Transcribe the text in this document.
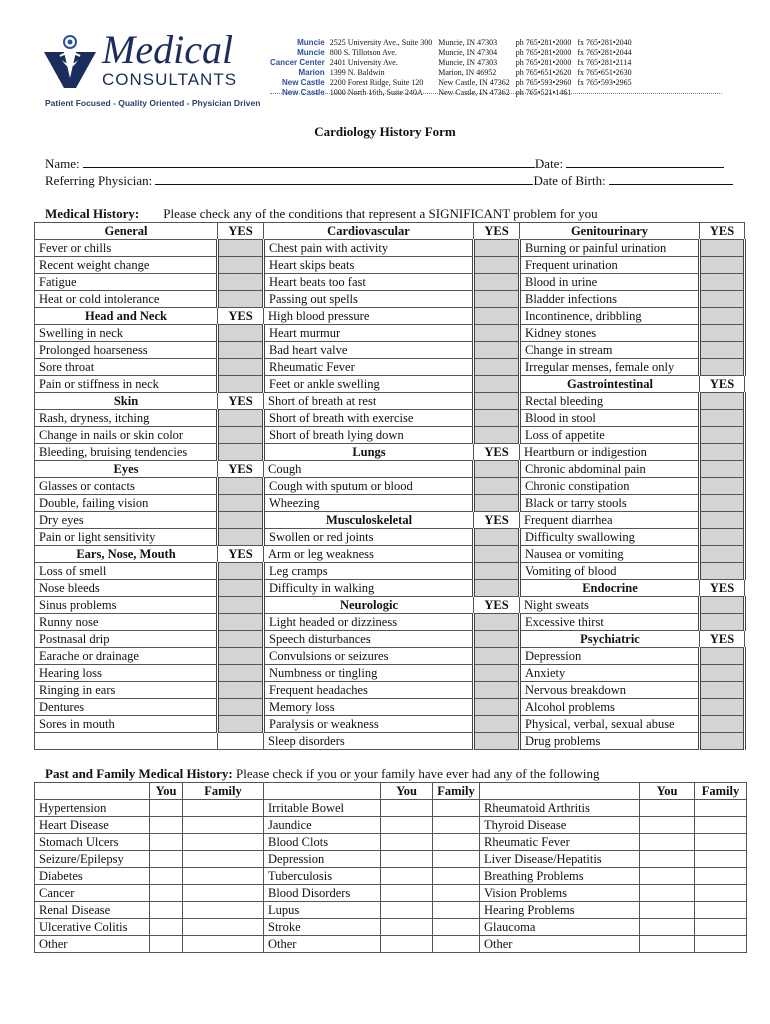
Medical
CONSULTANTS
Patient Focused - Quality Oriented - Physician Driven
Muncie	2525 University Ave., Suite 300	Muncie, IN 47303	ph 765•281•2000	fx 765•281•2040
Muncie	800 S. Tillotson Ave.	Muncie, IN 47304	ph 765•281•2000	fx 765•281•2044
Cancer Center	2401 University Ave.	Muncie, IN 47303	ph 765•281•2000	fx 765•281•2114
Marion	1399 N. Baldwin	Marion, IN 46952	ph 765•651•2620	fx 765•651•2630
New Castle	2200 Forest Ridge, Suite 120	New Castle, IN 47362	ph 765•593•2960	fx 765•593•2965
New Castle	1000 North 16th, Suite 240A	New Castle, IN 47362	ph 765•521•1461	
Cardiology History Form
Name:	Date:
Referring Physician:	Date of Birth:
Medical History: Please check any of the conditions that represent a SIGNIFICANT problem for you
General	YES	Cardiovascular	YES	Genitourinary	YES
Fever or chills		Chest pain with activity		Burning or painful urination	
Recent weight change		Heart skips beats		Frequent urination	
Fatigue		Heart beats too fast		Blood in urine	
Heat or cold intolerance		Passing out spells		Bladder infections	
Head and Neck	YES	High blood pressure		Incontinence, dribbling	
Swelling in neck		Heart murmur		Kidney stones	
Prolonged hoarseness		Bad heart valve		Change in stream	
Sore throat		Rheumatic Fever		Irregular menses, female only	
Pain or stiffness in neck		Feet or ankle swelling		Gastrointestinal	YES
Skin	YES	Short of breath at rest		Rectal bleeding	
Rash, dryness, itching		Short of breath with exercise		Blood in stool	
Change in nails or skin color		Short of breath lying down		Loss of appetite	
Bleeding, bruising tendencies		Lungs	YES	Heartburn or indigestion	
Eyes	YES	Cough		Chronic abdominal pain	
Glasses or contacts		Cough with sputum or blood		Chronic constipation	
Double, failing vision		Wheezing		Black or tarry stools	
Dry eyes		Musculoskeletal	YES	Frequent diarrhea	
Pain or light sensitivity		Swollen or red joints		Difficulty swallowing	
Ears, Nose, Mouth	YES	Arm or leg weakness		Nausea or vomiting	
Loss of smell		Leg cramps		Vomiting of blood	
Nose bleeds		Difficulty in walking		Endocrine	YES
Sinus problems		Neurologic	YES	Night sweats	
Runny nose		Light headed or dizziness		Excessive thirst	
Postnasal drip		Speech disturbances		Psychiatric	YES
Earache or drainage		Convulsions or seizures		Depression	
Hearing loss		Numbness or tingling		Anxiety	
Ringing in ears		Frequent headaches		Nervous breakdown	
Dentures		Memory loss		Alcohol problems	
Sores in mouth		Paralysis or weakness		Physical, verbal, sexual abuse	
		Sleep disorders		Drug problems	
Past and Family Medical History: Please check if you or your family have ever had any of the following
	You	Family		You	Family		You	Family
Hypertension			Irritable Bowel			Rheumatoid Arthritis		
Heart Disease			Jaundice			Thyroid Disease		
Stomach Ulcers			Blood Clots			Rheumatic Fever		
Seizure/Epilepsy			Depression			Liver Disease/Hepatitis		
Diabetes			Tuberculosis			Breathing Problems		
Cancer			Blood Disorders			Vision Problems		
Renal Disease			Lupus			Hearing Problems		
Ulcerative Colitis			Stroke			Glaucoma		
Other			Other			Other		
